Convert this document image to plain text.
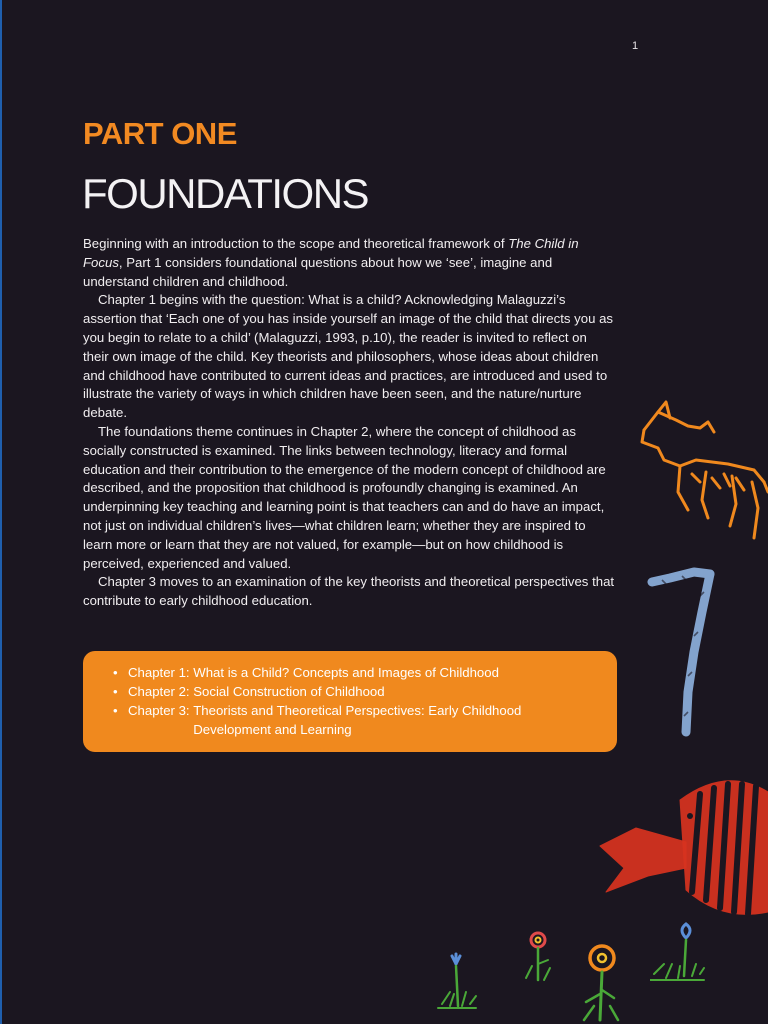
1
PART ONE
FOUNDATIONS

Beginning with an introduction to the scope and theoretical framework of The Child in Focus, Part 1 considers foundational questions about how we ‘see’, imagine and understand children and childhood.

Chapter 1 begins with the question: What is a child? Acknowledging Malaguzzi’s assertion that ‘Each one of you has inside yourself an image of the child that directs you as you begin to relate to a child’ (Malaguzzi, 1993, p.10), the reader is invited to reflect on their own image of the child. Key theorists and philosophers, whose ideas about children and childhood have contributed to current ideas and practices, are introduced and used to illustrate the variety of ways in which children have been seen, and the nature/nurture debate.

The foundations theme continues in Chapter 2, where the concept of childhood as socially constructed is examined. The links between technology, literacy and formal education and their contribution to the emergence of the modern concept of childhood are described, and the proposition that childhood is profoundly changing is examined. An underpinning key teaching and learning point is that teachers can and do have an impact, not just on individual children’s lives—what children learn; whether they are inspired to learn more or learn that they are not valued, for example—but on how childhood is perceived, experienced and valued.

Chapter 3 moves to an examination of the key theorists and theoretical perspectives that contribute to early childhood education.

• Chapter 1: What is a Child? Concepts and Images of Childhood
• Chapter 2: Social Construction of Childhood
• Chapter 3: Theorists and Theoretical Perspectives: Early Childhood Development and Learning
